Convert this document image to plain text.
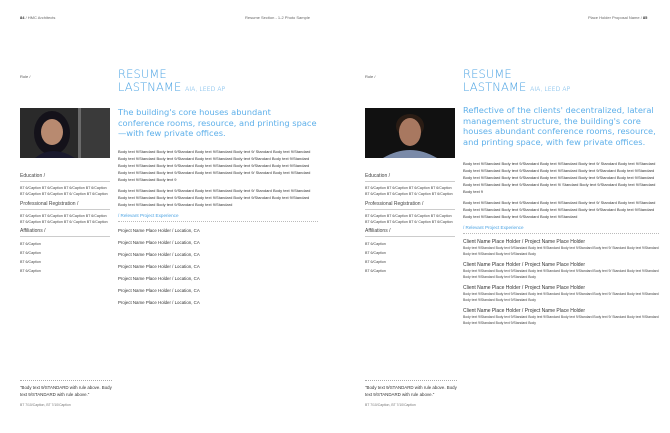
84 / HMC Architects	Resume Section - 1-2 Photo Sample
Role /	RESUME
LASTNAME AIA, LEED AP
The building's core houses abundant conference rooms, resource, and printing space—with few private offices.
Education /
BT 6/Caption BT 6/Caption BT 6/Caption BT 6/Caption BT 6/Caption BT 6/Caption BT 6/ Caption BT 6/Caption
Professional Registration /
BT 6/Caption BT 6/Caption BT 6/Caption BT 6/Caption BT 6/Caption BT 6/Caption BT 6/ Caption BT 6/Caption
Affiliations /
BT 6/Caption
BT 6/Caption
BT 6/Caption
BT 6/Caption

Body text 9/Standard Body text 9/Standard Body text 9/Standard Body text 9/ Standard Body text 9/Standard Body text 9/Standard Body text 9/Standard Body text 9/Standard Body text 9/Standard Body text 9/Standard Body text 9/Standard Body text 9/Standard Body text 9/Standard Body text 9/Standard Body text 9/Standard Body text 9/Standard Body text 9/Standard Body text 9/Standard Body text 9/ Standard Body text 9/Standard Body text 9/Standard Body text 9

Body text 9/Standard Body text 9/Standard Body text 9/Standard Body text 9/ Standard Body text 9/Standard Body text 9/Standard Body text 9/Standard Body text 9/Standard Body text 9/Standard Body text 9/Standard Body text 9/Standard Body text 9/Standard Body text 9/Standard

/ Relevant Project Experience
Project Name Place Holder / Location, CA
Project Name Place Holder / Location, CA
Project Name Place Holder / Location, CA
Project Name Place Holder / Location, CA
Project Name Place Holder / Location, CA
Project Name Place Holder / Location, CA
Project Name Place Holder / Location, CA
"Body text 9/STANDARD with rule above. Body text 9/STANDARD with rule above."
BT 7/10/Caption, BT 7/10/Caption
Place Holder Proposal Name / 85
Role /	RESUME
LASTNAME AIA, LEED AP
Reflective of the clients' decentralized, lateral management structure, the building's core houses abundant conference rooms, resource, and printing space, with few private offices.
Education /
BT 6/Caption BT 6/Caption BT 6/Caption BT 6/Caption BT 6/Caption BT 6/Caption BT 6/ Caption BT 6/Caption
Professional Registration /
BT 6/Caption BT 6/Caption BT 6/Caption BT 6/Caption BT 6/Caption BT 6/Caption BT 6/ Caption BT 6/Caption
Affiliations /
BT 6/Caption
BT 6/Caption
BT 6/Caption
BT 6/Caption

Body text 9/Standard Body text 9/Standard Body text 9/Standard Body text 9/ Standard Body text 9/Standard Body text 9/Standard Body text 9/Standard Body text 9/Standard Body text 9/Standard Body text 9/Standard Body text 9/Standard Body text 9/Standard Body text 9/Standard Body text 9/Standard Body text 9/Standard Body text 9/Standard Body text 9/Standard Body text 9/ Standard Body text 9/Standard Body text 9/Standard Body text 9

Body text 9/Standard Body text 9/Standard Body text 9/Standard Body text 9/ Standard Body text 9/Standard Body text 9/Standard Body text 9/Standard Body text 9/Standard Body text 9/Standard Body text 9/Standard Body text 9/Standard Body text 9/Standard Body text 9/Standard

/ Relevant Project Experience
Client Name Place Holder / Project Name Place Holder
Body text 9/Standard Body text 9/Standard Body text 9/Standard Body text 9/Standard Body text 9/ Standard Body text 9/Standard Body text 9/Standard Body text 9/Standard Body
Client Name Place Holder / Project Name Place Holder
Body text 9/Standard Body text 9/Standard Body text 9/Standard Body text 9/Standard Body text 9/ Standard Body text 9/Standard Body text 9/Standard Body text 9/Standard Body
Client Name Place Holder / Project Name Place Holder
Body text 9/Standard Body text 9/Standard Body text 9/Standard Body text 9/Standard Body text 9/ Standard Body text 9/Standard Body text 9/Standard Body text 9/Standard Body
Client Name Place Holder / Project Name Place Holder
Body text 9/Standard Body text 9/Standard Body text 9/Standard Body text 9/Standard Body text 9/ Standard Body text 9/Standard Body text 9/Standard Body text 9/Standard Body
"Body text 9/STANDARD with rule above. Body text 9/STANDARD with rule above."
BT 7/10/Caption, BT 7/10/Caption
